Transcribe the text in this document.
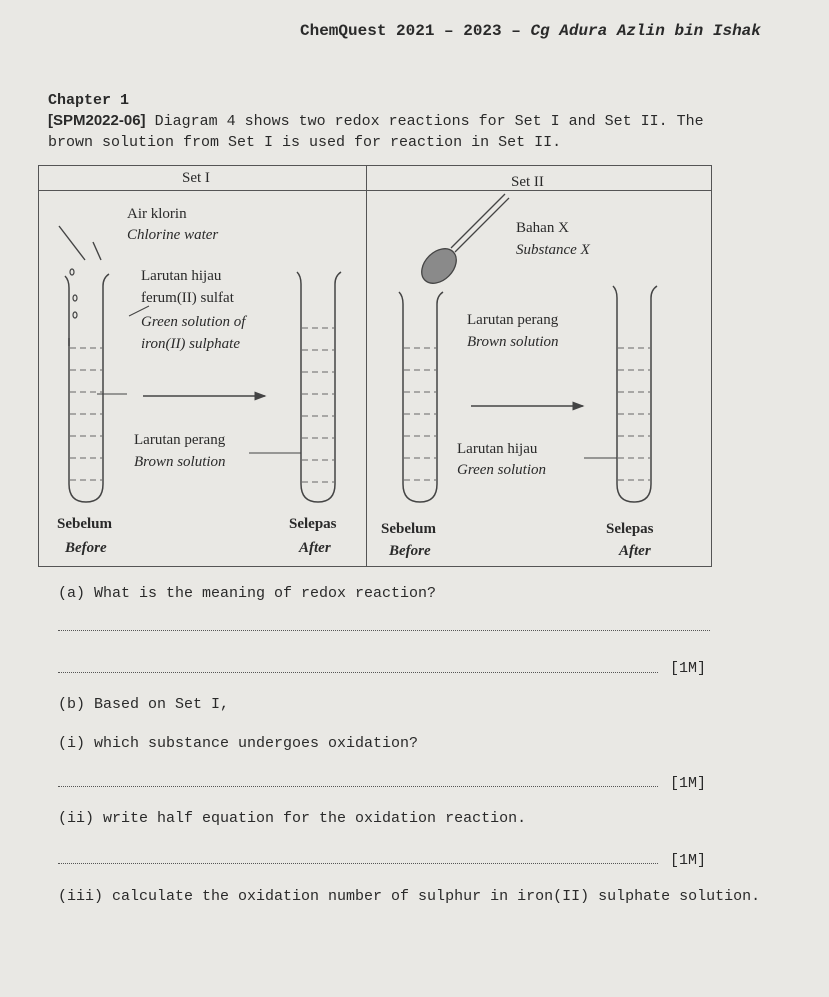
ChemQuest 2021 – 2023 – Cg Adura Azlin bin Ishak
Chapter 1
[SPM2022-06] Diagram 4 shows two redox reactions for Set I and Set II. The brown solution from Set I is used for reaction in Set II.
Set I
Air klorin
Chlorine water
Larutan hijau
ferum(II) sulfat
Green solution of
iron(II) sulphate
Larutan perang
Brown solution
Sebelum
Before
Selepas
After
Set II
Bahan X
Substance X
Larutan perang
Brown solution
Larutan hijau
Green solution
Sebelum
Before
Selepas
After
(a) What is the meaning of redox reaction?
[1M]
(b) Based on Set I,
(i) which substance undergoes oxidation?
[1M]
(ii) write half equation for the oxidation reaction.
[1M]
(iii) calculate the oxidation number of sulphur in iron(II) sulphate solution.
